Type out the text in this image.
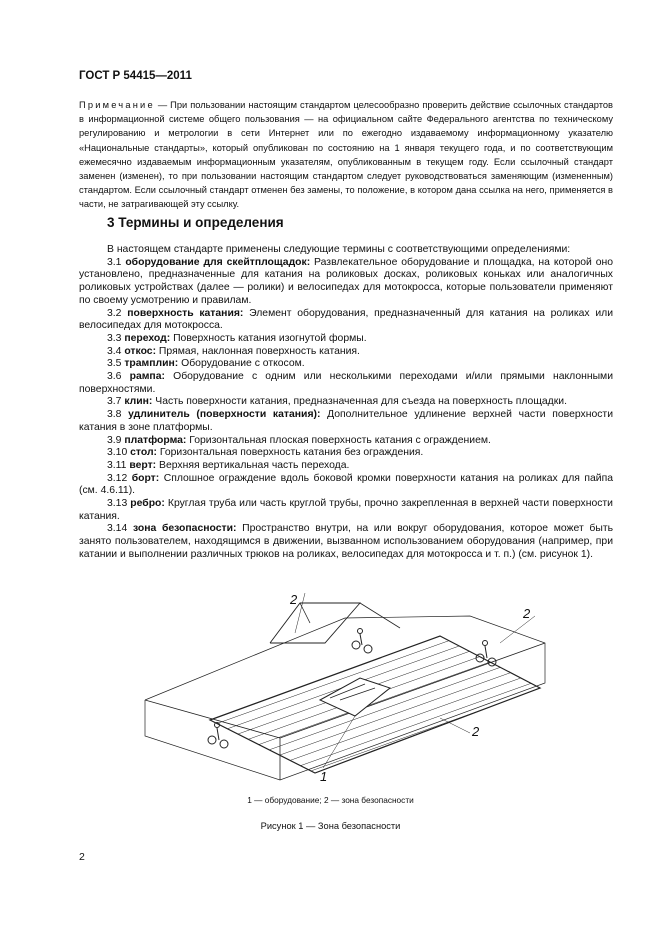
ГОСТ Р 54415—2011
Примечание — При пользовании настоящим стандартом целесообразно проверить действие ссылочных стандартов в информационной системе общего пользования — на официальном сайте Федерального агентства по техническому регулированию и метрологии в сети Интернет или по ежегодно издаваемому информационному указателю «Национальные стандарты», который опубликован по состоянию на 1 января текущего года, и по соответствующим ежемесячно издаваемым информационным указателям, опубликованным в текущем году. Если ссылочный стандарт заменен (изменен), то при пользовании настоящим стандартом следует руководствоваться заменяющим (измененным) стандартом. Если ссылочный стандарт отменен без замены, то положение, в котором дана ссылка на него, применяется в части, не затрагивающей эту ссылку.
3 Термины и определения

В настоящем стандарте применены следующие термины с соответствующими определениями:

3.1 оборудование для скейтплощадок: Развлекательное оборудование и площадка, на которой оно установлено, предназначенные для катания на роликовых досках, роликовых коньках или аналогичных роликовых устройствах (далее — ролики) и велосипедах для мотокросса, которые пользователи применяют по своему усмотрению и правилам.

3.2 поверхность катания: Элемент оборудования, предназначенный для катания на роликах или велосипедах для мотокросса.

3.3 переход: Поверхность катания изогнутой формы.

3.4 откос: Прямая, наклонная поверхность катания.

3.5 трамплин: Оборудование с откосом.

3.6 рампа: Оборудование с одним или несколькими переходами и/или прямыми наклонными поверхностями.

3.7 клин: Часть поверхности катания, предназначенная для съезда на поверхность площадки.

3.8 удлинитель (поверхности катания): Дополнительное удлинение верхней части поверхности катания в зоне платформы.

3.9 платформа: Горизонтальная плоская поверхность катания с ограждением.

3.10 стол: Горизонтальная поверхность катания без ограждения.

3.11 верт: Верхняя вертикальная часть перехода.

3.12 борт: Сплошное ограждение вдоль боковой кромки поверхности катания на роликах для пайпа (см. 4.6.11).

3.13 ребро: Круглая труба или часть круглой трубы, прочно закрепленная в верхней части поверхности катания.

3.14 зона безопасности: Пространство внутри, на или вокруг оборудования, которое может быть занято пользователем, находящимся в движении, вызванном использованием оборудования (например, при катании и выполнении различных трюков на роликах, велосипедах для мотокросса и т. п.) (см. рисунок 1).

2
2
2
1
1 — оборудование; 2 — зона безопасности
Рисунок 1 — Зона безопасности
2
